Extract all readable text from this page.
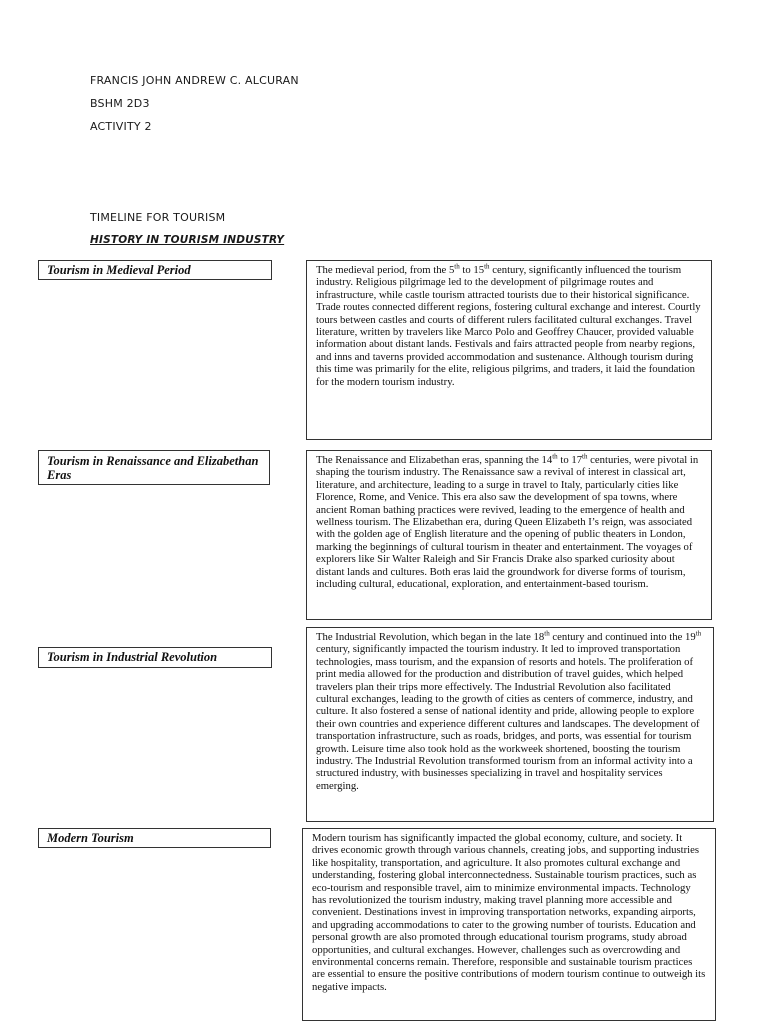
FRANCIS JOHN ANDREW C. ALCURAN

BSHM 2D3

ACTIVITY 2

TIMELINE FOR TOURISM

HISTORY IN TOURISM INDUSTRY

Tourism in Medieval Period	The medieval period, from the 5th to 15th century, significantly influenced the tourism industry. Religious pilgrimage led to the development of pilgrimage routes and infrastructure, while castle tourism attracted tourists due to their historical significance. Trade routes connected different regions, fostering cultural exchange and interest. Courtly tours between castles and courts of different rulers facilitated cultural exchanges. Travel literature, written by travelers like Marco Polo and Geoffrey Chaucer, provided valuable information about distant lands. Festivals and fairs attracted people from nearby regions, and inns and taverns provided accommodation and sustenance. Although tourism during this time was primarily for the elite, religious pilgrims, and traders, it laid the foundation for the modern tourism industry.
Tourism in Renaissance and Elizabethan Eras
The Renaissance and Elizabethan eras, spanning the 14th to 17th centuries, were pivotal in shaping the tourism industry. The Renaissance saw a revival of interest in classical art, literature, and architecture, leading to a surge in travel to Italy, particularly cities like Florence, Rome, and Venice. This era also saw the development of spa towns, where ancient Roman bathing practices were revived, leading to the emergence of health and wellness tourism. The Elizabethan era, during Queen Elizabeth I’s reign, was associated with the golden age of English literature and the opening of public theaters in London, marking the beginnings of cultural tourism in theater and entertainment. The voyages of explorers like Sir Walter Raleigh and Sir Francis Drake also sparked curiosity about distant lands and cultures. Both eras laid the groundwork for diverse forms of tourism, including cultural, educational, exploration, and entertainment-based tourism.
Tourism in Industrial Revolution
The Industrial Revolution, which began in the late 18th century and continued into the 19th century, significantly impacted the tourism industry. It led to improved transportation technologies, mass tourism, and the expansion of resorts and hotels. The proliferation of print media allowed for the production and distribution of travel guides, which helped travelers plan their trips more effectively. The Industrial Revolution also facilitated cultural exchanges, leading to the growth of cities as centers of commerce, industry, and culture. It also fostered a sense of national identity and pride, allowing people to explore their own countries and experience different cultures and landscapes. The development of transportation infrastructure, such as roads, bridges, and ports, was essential for tourism growth. Leisure time also took hold as the workweek shortened, boosting the tourism industry. The Industrial Revolution transformed tourism from an informal activity into a structured industry, with businesses specializing in travel and hospitality services emerging.
Modern Tourism	Modern tourism has significantly impacted the global economy, culture, and society. It drives economic growth through various channels, creating jobs, and supporting industries like hospitality, transportation, and agriculture. It also promotes cultural exchange and understanding, fostering global interconnectedness. Sustainable tourism practices, such as eco-tourism and responsible travel, aim to minimize environmental impacts. Technology has revolutionized the tourism industry, making travel planning more accessible and convenient. Destinations invest in improving transportation networks, expanding airports, and upgrading accommodations to cater to the growing number of tourists. Education and personal growth are also promoted through educational tourism programs, study abroad opportunities, and cultural exchanges. However, challenges such as overcrowding and environmental concerns remain. Therefore, responsible and sustainable tourism practices are essential to ensure the positive contributions of modern tourism continue to outweigh its negative impacts.
